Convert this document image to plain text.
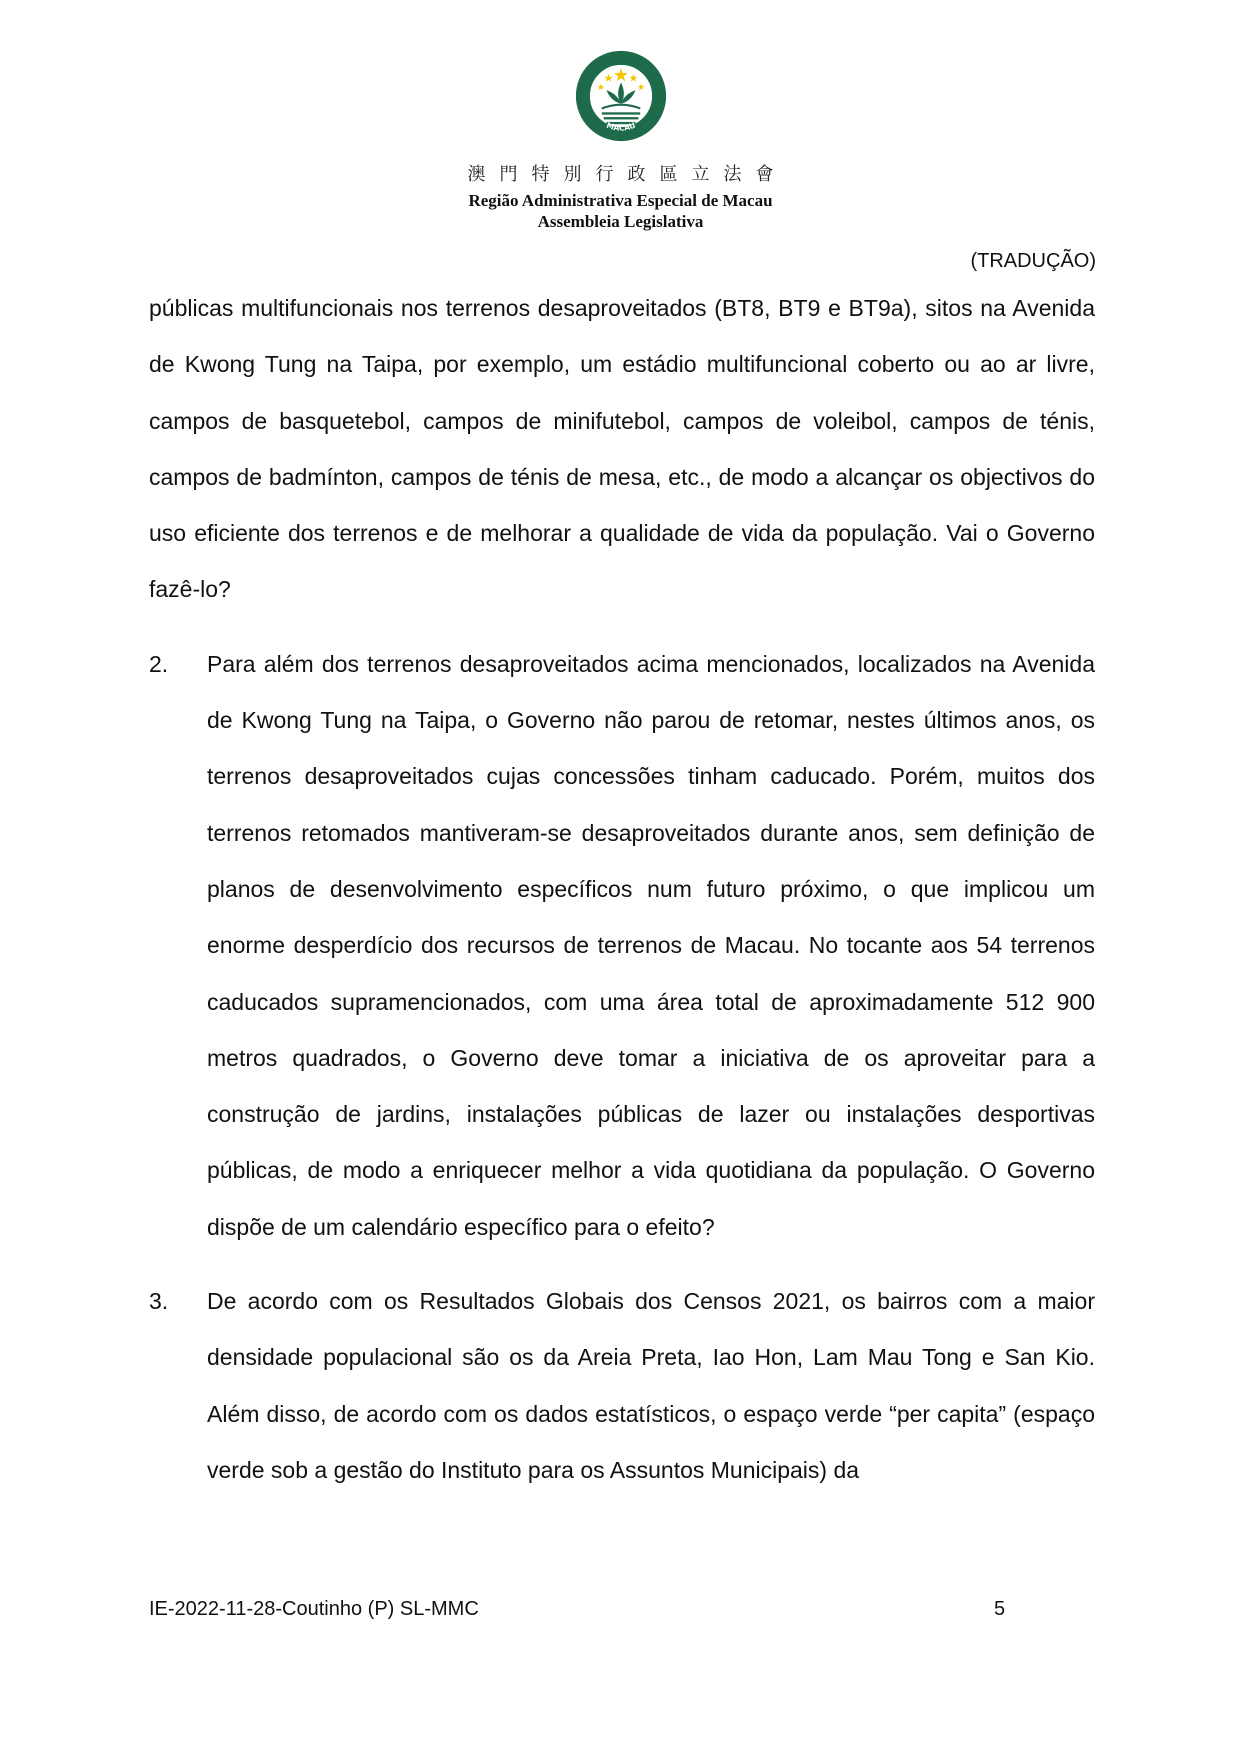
MACAU
澳門特別行政區立法會
Região Administrativa Especial de Macau
Assembleia Legislativa
(TRADUÇÃO)

públicas multifuncionais nos terrenos desaproveitados (BT8, BT9 e BT9a), sitos na Avenida de Kwong Tung na Taipa, por exemplo, um estádio multifuncional coberto ou ao ar livre, campos de basquetebol, campos de minifutebol, campos de voleibol, campos de ténis, campos de badmínton, campos de ténis de mesa, etc., de modo a alcançar os objectivos do uso eficiente dos terrenos e de melhorar a qualidade de vida da população. Vai o Governo fazê-lo?

2. Para além dos terrenos desaproveitados acima mencionados, localizados na Avenida de Kwong Tung na Taipa, o Governo não parou de retomar, nestes últimos anos, os terrenos desaproveitados cujas concessões tinham caducado. Porém, muitos dos terrenos retomados mantiveram-se desaproveitados durante anos, sem definição de planos de desenvolvimento específicos num futuro próximo, o que implicou um enorme desperdício dos recursos de terrenos de Macau. No tocante aos 54 terrenos caducados supramencionados, com uma área total de aproximadamente 512 900 metros quadrados, o Governo deve tomar a iniciativa de os aproveitar para a construção de jardins, instalações públicas de lazer ou instalações desportivas públicas, de modo a enriquecer melhor a vida quotidiana da população. O Governo dispõe de um calendário específico para o efeito?

3. De acordo com os Resultados Globais dos Censos 2021, os bairros com a maior densidade populacional são os da Areia Preta, Iao Hon, Lam Mau Tong e San Kio. Além disso, de acordo com os dados estatísticos, o espaço verde “per capita” (espaço verde sob a gestão do Instituto para os Assuntos Municipais) da

IE-2022-11-28-Coutinho (P) SL-MMC	5
